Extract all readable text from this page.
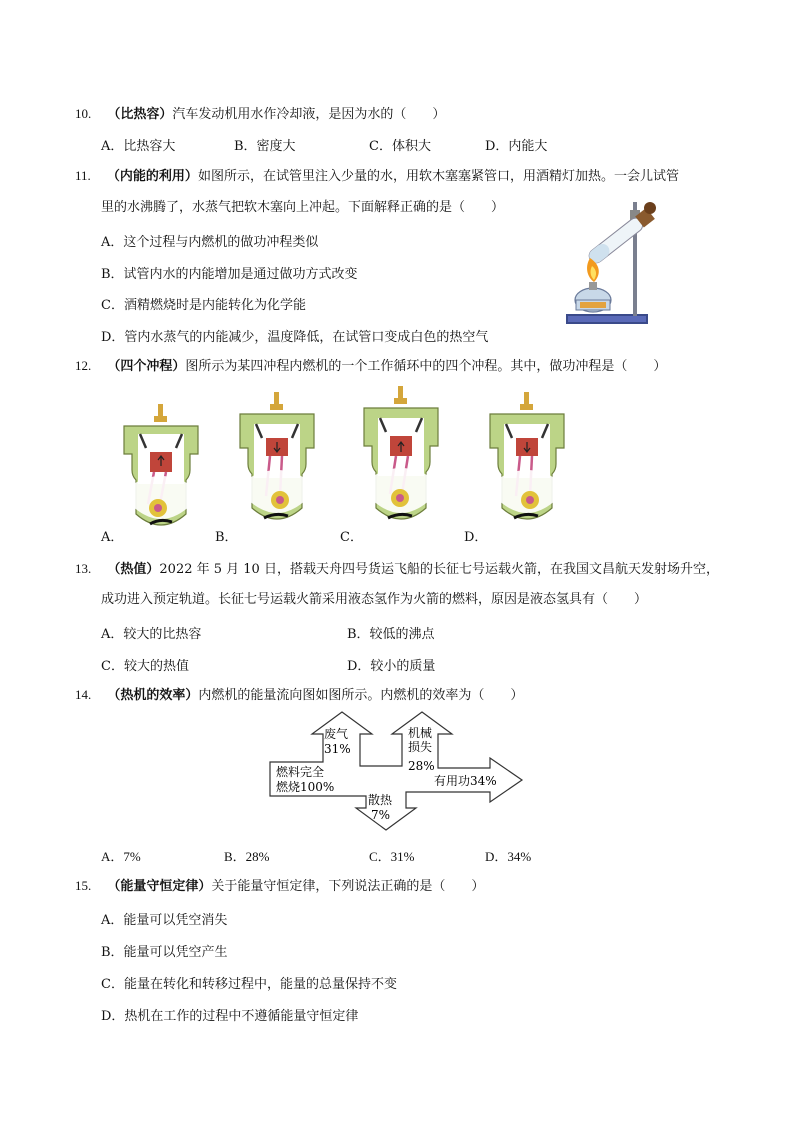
10. （比热容）汽车发动机用水作冷却液，是因为水的（　　）
A．比热容大	B．密度大	C．体积大	D．内能大
11. （内能的利用）如图所示，在试管里注入少量的水，用软木塞塞紧管口，用酒精灯加热。一会儿试管
里的水沸腾了，水蒸气把软木塞向上冲起。下面解释正确的是（　　）
A．这个过程与内燃机的做功冲程类似
B．试管内水的内能增加是通过做功方式改变
C．酒精燃烧时是内能转化为化学能
D．管内水蒸气的内能减少，温度降低，在试管口变成白色的热空气
12. （四个冲程）图所示为某四冲程内燃机的一个工作循环中的四个冲程。其中，做功冲程是（　　）
A．	B．	C．	D．
13. （热值）2022 年 5 月 10 日，搭载天舟四号货运飞船的长征七号运载火箭，在我国文昌航天发射场升空，
成功进入预定轨道。长征七号运载火箭采用液态氢作为火箭的燃料，原因是液态氢具有（　　）
A．较大的比热容	B．较低的沸点
C．较大的热值	D．较小的质量
14. （热机的效率）内燃机的能量流向图如图所示。内燃机的效率为（　　）
废气
31%
机械
损失
28%
燃料完全
燃烧100%	有用功34%
散热
7%
A．7%	B．28%	C．31%	D．34%
15. （能量守恒定律）关于能量守恒定律，下列说法正确的是（　　）
A．能量可以凭空消失
B．能量可以凭空产生
C．能量在转化和转移过程中，能量的总量保持不变
D．热机在工作的过程中不遵循能量守恒定律
